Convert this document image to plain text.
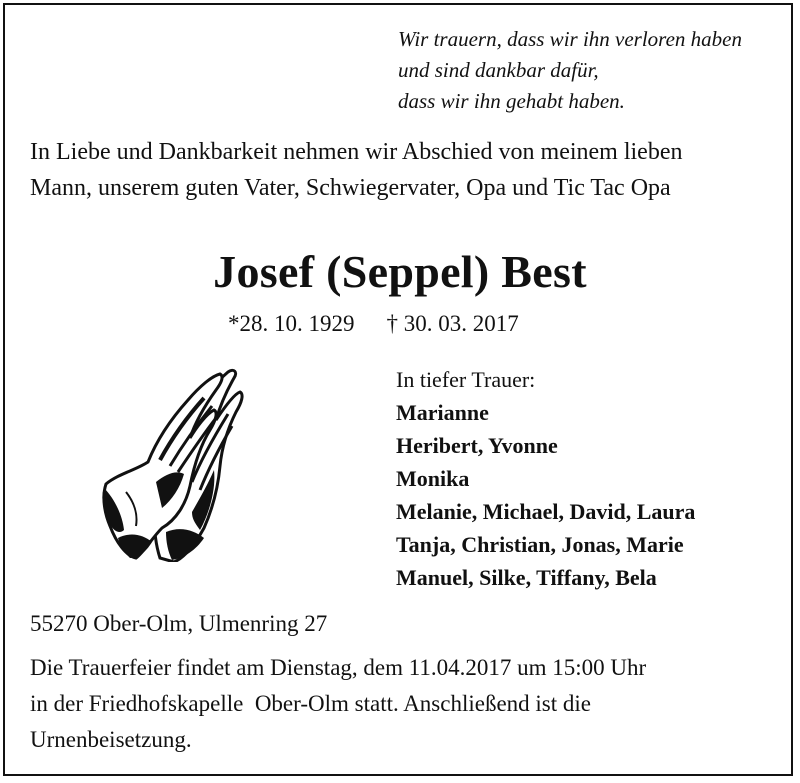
Wir trauern, dass wir ihn verloren haben
und sind dankbar dafür,
dass wir ihn gehabt haben.
In Liebe und Dankbarkeit nehmen wir Abschied von meinem lieben
Mann, unserem guten Vater, Schwiegervater, Opa und Tic Tac Opa
Josef (Seppel) Best
*28. 10. 1929 † 30. 03. 2017
In tiefer Trauer:
Marianne
Heribert, Yvonne
Monika
Melanie, Michael, David, Laura
Tanja, Christian, Jonas, Marie
Manuel, Silke, Tiffany, Bela
55270 Ober-Olm, Ulmenring 27
Die Trauerfeier findet am Dienstag, dem 11.04.2017 um 15:00 Uhr
in der Friedhofskapelle  Ober-Olm statt. Anschließend ist die
Urnenbeisetzung.
